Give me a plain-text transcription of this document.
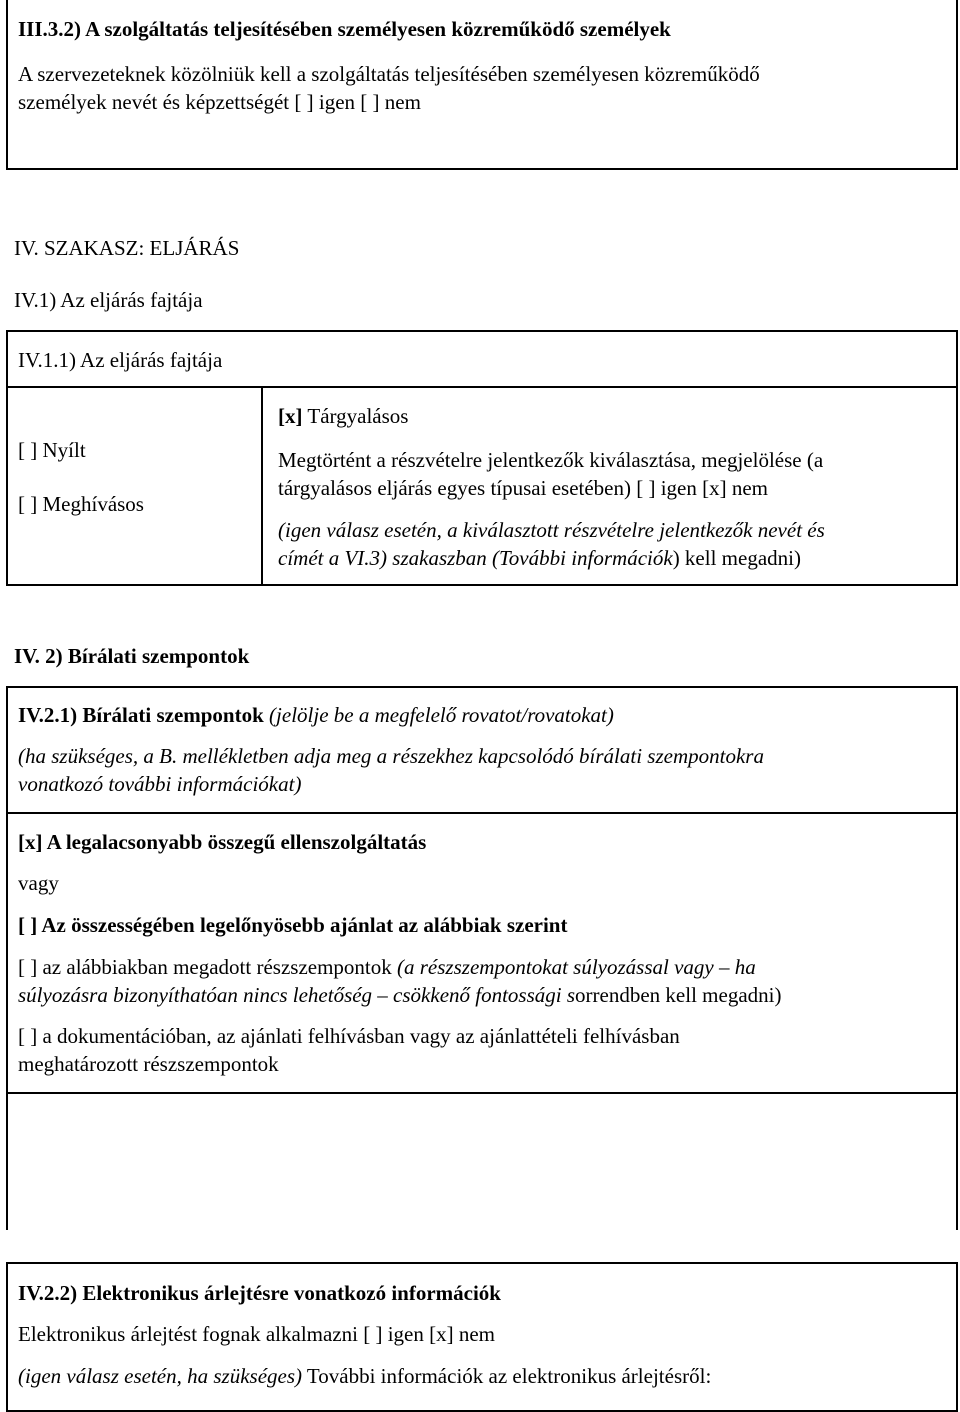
III.3.2) A szolgáltatás teljesítésében személyesen közreműködő személyek
A szervezeteknek közölniük kell a szolgáltatás teljesítésében személyesen közreműködő
személyek nevét és képzettségét [ ] igen [ ] nem
IV. SZAKASZ: ELJÁRÁS
IV.1) Az eljárás fajtája
IV.1.1) Az eljárás fajtája
[ ] Nyílt
[ ] Meghívásos
[x] Tárgyalásos
Megtörtént a részvételre jelentkezők kiválasztása, megjelölése (a
tárgyalásos eljárás egyes típusai esetében) [ ] igen [x] nem
(igen válasz esetén, a kiválasztott részvételre jelentkezők nevét és
címét a VI.3) szakaszban (További információk) kell megadni)
IV. 2) Bírálati szempontok
IV.2.1) Bírálati szempontok (jelölje be a megfelelő rovatot/rovatokat)
(ha szükséges, a B. mellékletben adja meg a részekhez kapcsolódó bírálati szempontokra
vonatkozó további információkat)
[x] A legalacsonyabb összegű ellenszolgáltatás
vagy
[ ] Az összességében legelőnyösebb ajánlat az alábbiak szerint
[ ] az alábbiakban megadott részszempontok (a részszempontokat súlyozással vagy – ha
súlyozásra bizonyíthatóan nincs lehetőség – csökkenő fontossági sorrendben kell megadni)
[ ] a dokumentációban, az ajánlati felhívásban vagy az ajánlattételi felhívásban
meghatározott részszempontok
IV.2.2) Elektronikus árlejtésre vonatkozó információk
Elektronikus árlejtést fognak alkalmazni [ ] igen [x] nem
(igen válasz esetén, ha szükséges) További információk az elektronikus árlejtésről:
